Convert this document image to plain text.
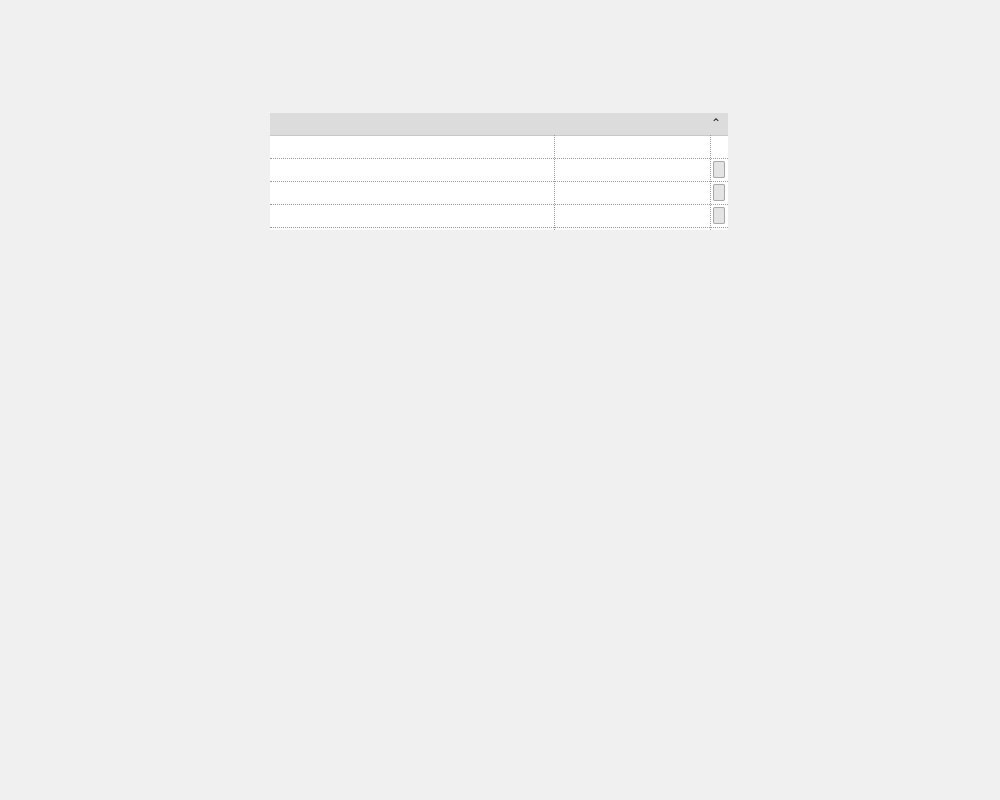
⌃
